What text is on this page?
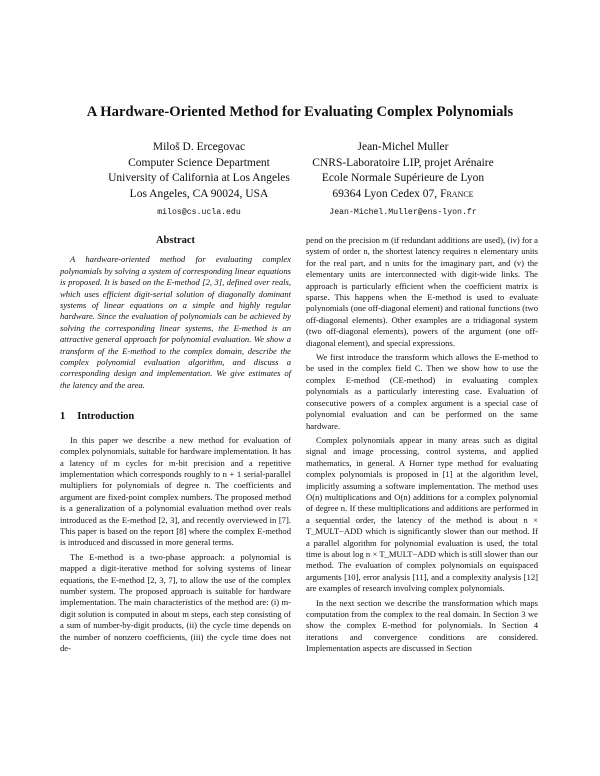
A Hardware-Oriented Method for Evaluating Complex Polynomials
Miloš D. Ercegovac
Computer Science Department
University of California at Los Angeles
Los Angeles, CA 90024, USA
milos@cs.ucla.edu
Jean-Michel Muller
CNRS-Laboratoire LIP, projet Arénaire
Ecole Normale Supérieure de Lyon
69364 Lyon Cedex 07, France
Jean-Michel.Muller@ens-lyon.fr
Abstract

A hardware-oriented method for evaluating complex polynomials by solving a system of corresponding linear equations is proposed. It is based on the E-method [2, 3], defined over reals, which uses efficient digit-serial solution of diagonally dominant systems of linear equations on a simple and highly regular hardware. Since the evaluation of polynomials can be achieved by solving the corresponding linear systems, the E-method is an attractive general approach for polynomial evaluation. We show a transform of the E-method to the complex domain, describe the complex polynomial evaluation algorithm, and discuss a corresponding design and implementation. We give estimates of the latency and the area.

1 Introduction

In this paper we describe a new method for evaluation of complex polynomials, suitable for hardware implementation. It has a latency of m cycles for m-bit precision and a repetitive implementation which corresponds roughly to n + 1 serial-parallel multipliers for polynomials of degree n. The coefficients and argument are fixed-point complex numbers. The proposed method is a generalization of a polynomial evaluation method over reals introduced as the E-method [2, 3], and recently overviewed in [7]. This paper is based on the report [8] where the complex E-method is introduced and discussed in more general terms.

The E-method is a two-phase approach: a polynomial is mapped a digit-iterative method for solving systems of linear equations, the E-method [2, 3, 7], to allow the use of the complex number system. The proposed approach is suitable for hardware implementation. The main characteristics of the method are: (i) m-digit solution is computed in about m steps, each step consisting of a sum of number-by-digit products, (ii) the cycle time depends on the number of nonzero coefficients, (iii) the cycle time does not de-

pend on the precision m (if redundant additions are used), (iv) for a system of order n, the shortest latency requires n elementary units for the real part, and n units for the imaginary part, and (v) the elementary units are interconnected with digit-wide links. The approach is particularly efficient when the coefficient matrix is sparse. This happens when the E-method is used to evaluate polynomials (one off-diagonal element) and rational functions (two off-diagonal elements). Other examples are a tridiagonal system (two off-diagonal elements), powers of the argument (one off-diagonal element), and special expressions.

We first introduce the transform which allows the E-method to be used in the complex field C. Then we show how to use the complex E-method (CE-method) in evaluating complex polynomials as a particularly interesting case. Evaluation of consecutive powers of a complex argument is a special case of polynomial evaluation and can be performed on the same hardware.

Complex polynomials appear in many areas such as digital signal and image processing, control systems, and applied mathematics, in general. A Horner type method for evaluating complex polynomials is proposed in [1] at the algorithm level, implicitly assuming a software implementation. The method uses O(n) multiplications and O(n) additions for a complex polynomial of degree n. If these multiplications and additions are performed in a sequential order, the latency of the method is about n × T_MULT−ADD which is significantly slower than our method. If a parallel algorithm for polynomial evaluation is used, the total time is about log n × T_MULT−ADD which is still slower than our method. The evaluation of complex polynomials on equispaced arguments [10], error analysis [11], and a complexity analysis [12] are examples of research involving complex polynomials.

In the next section we describe the transformation which maps computation from the complex to the real domain. In Section 3 we show the complex E-method for polynomials. In Section 4 iterations and convergence conditions are considered. Implementation aspects are discussed in Section
